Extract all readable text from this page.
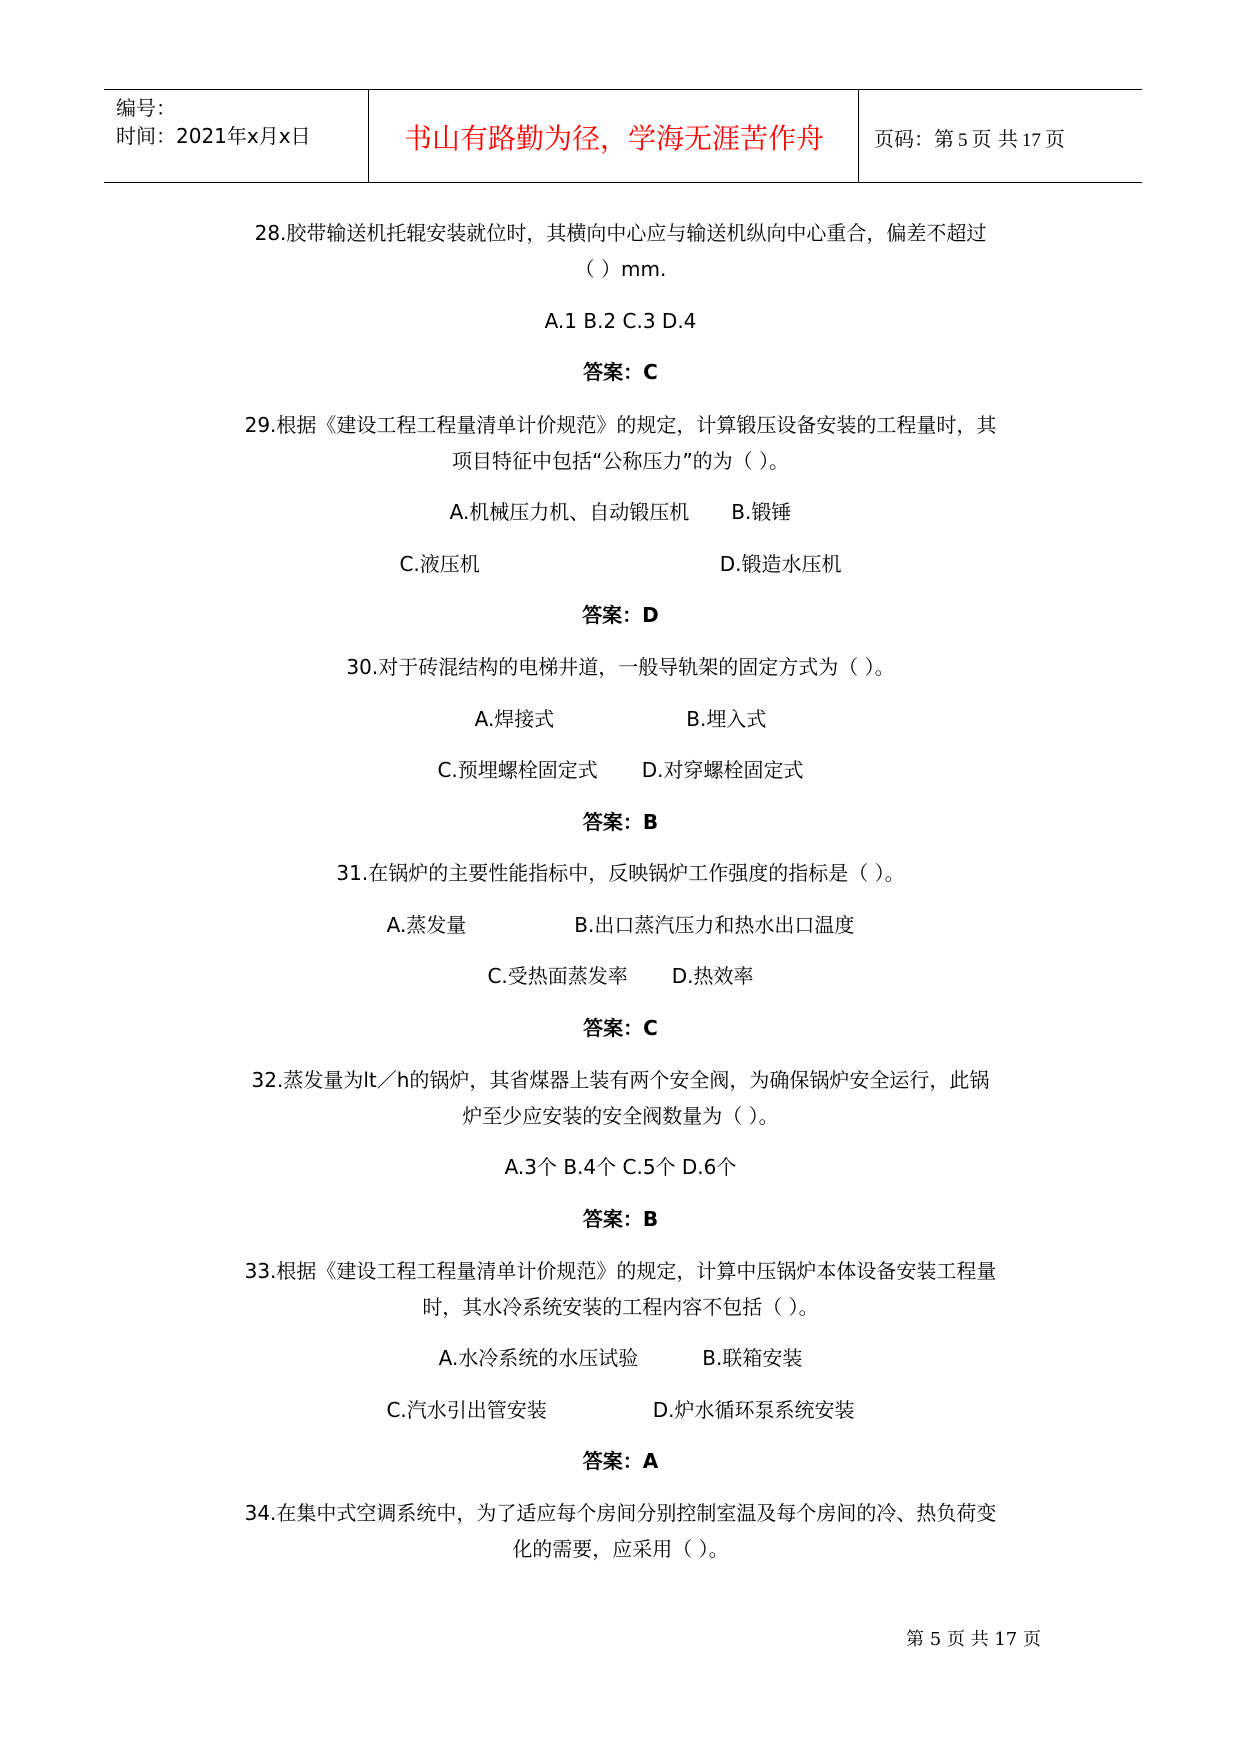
编号：
时间：2021年x月x日	书山有路勤为径，学海无涯苦作舟	页码：第 5 页 共 17 页
28.胶带输送机托辊安装就位时，其横向中心应与输送机纵向中心重合，偏差不超过
（ ）mm.
A.1 B.2 C.3 D.4
答案：C
29.根据《建设工程工程量清单计价规范》的规定，计算锻压设备安装的工程量时，其
项目特征中包括“公称压力”的为（ ）。
A.机械压力机、自动锻压机 B.锻锤
C.液压机	D.锻造水压机
答案：D
30.对于砖混结构的电梯井道，一般导轨架的固定方式为（ ）。
A.焊接式	B.埋入式
C.预埋螺栓固定式 D.对穿螺栓固定式
答案：B
31.在锅炉的主要性能指标中，反映锅炉工作强度的指标是（ ）。
A.蒸发量	B.出口蒸汽压力和热水出口温度
C.受热面蒸发率 D.热效率
答案：C
32.蒸发量为lt／h的锅炉，其省煤器上装有两个安全阀，为确保锅炉安全运行，此锅
炉至少应安装的安全阀数量为（ ）。
A.3个 B.4个 C.5个 D.6个
答案：B
33.根据《建设工程工程量清单计价规范》的规定，计算中压锅炉本体设备安装工程量
时，其水冷系统安装的工程内容不包括（ ）。
A.水冷系统的水压试验	B.联箱安装
C.汽水引出管安装	D.炉水循环泵系统安装
答案：A
34.在集中式空调系统中，为了适应每个房间分别控制室温及每个房间的冷、热负荷变
化的需要，应采用（ ）。
第 5 页 共 17 页
